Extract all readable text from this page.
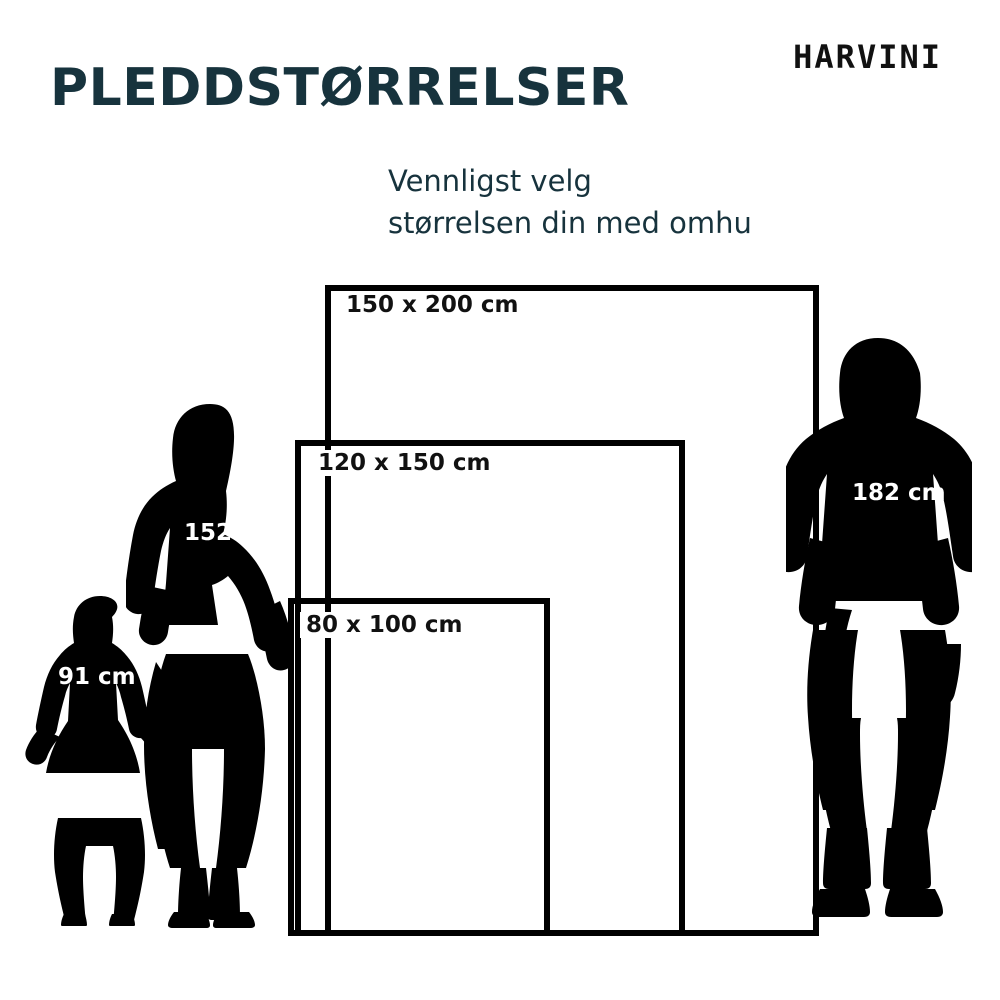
PLEDDSTØRRELSER
HARVINI
Vennligst velg
størrelsen din med omhu
91 cm
152 cm
182 cm
150 x 200 cm
120 x 150 cm
80 x 100 cm
